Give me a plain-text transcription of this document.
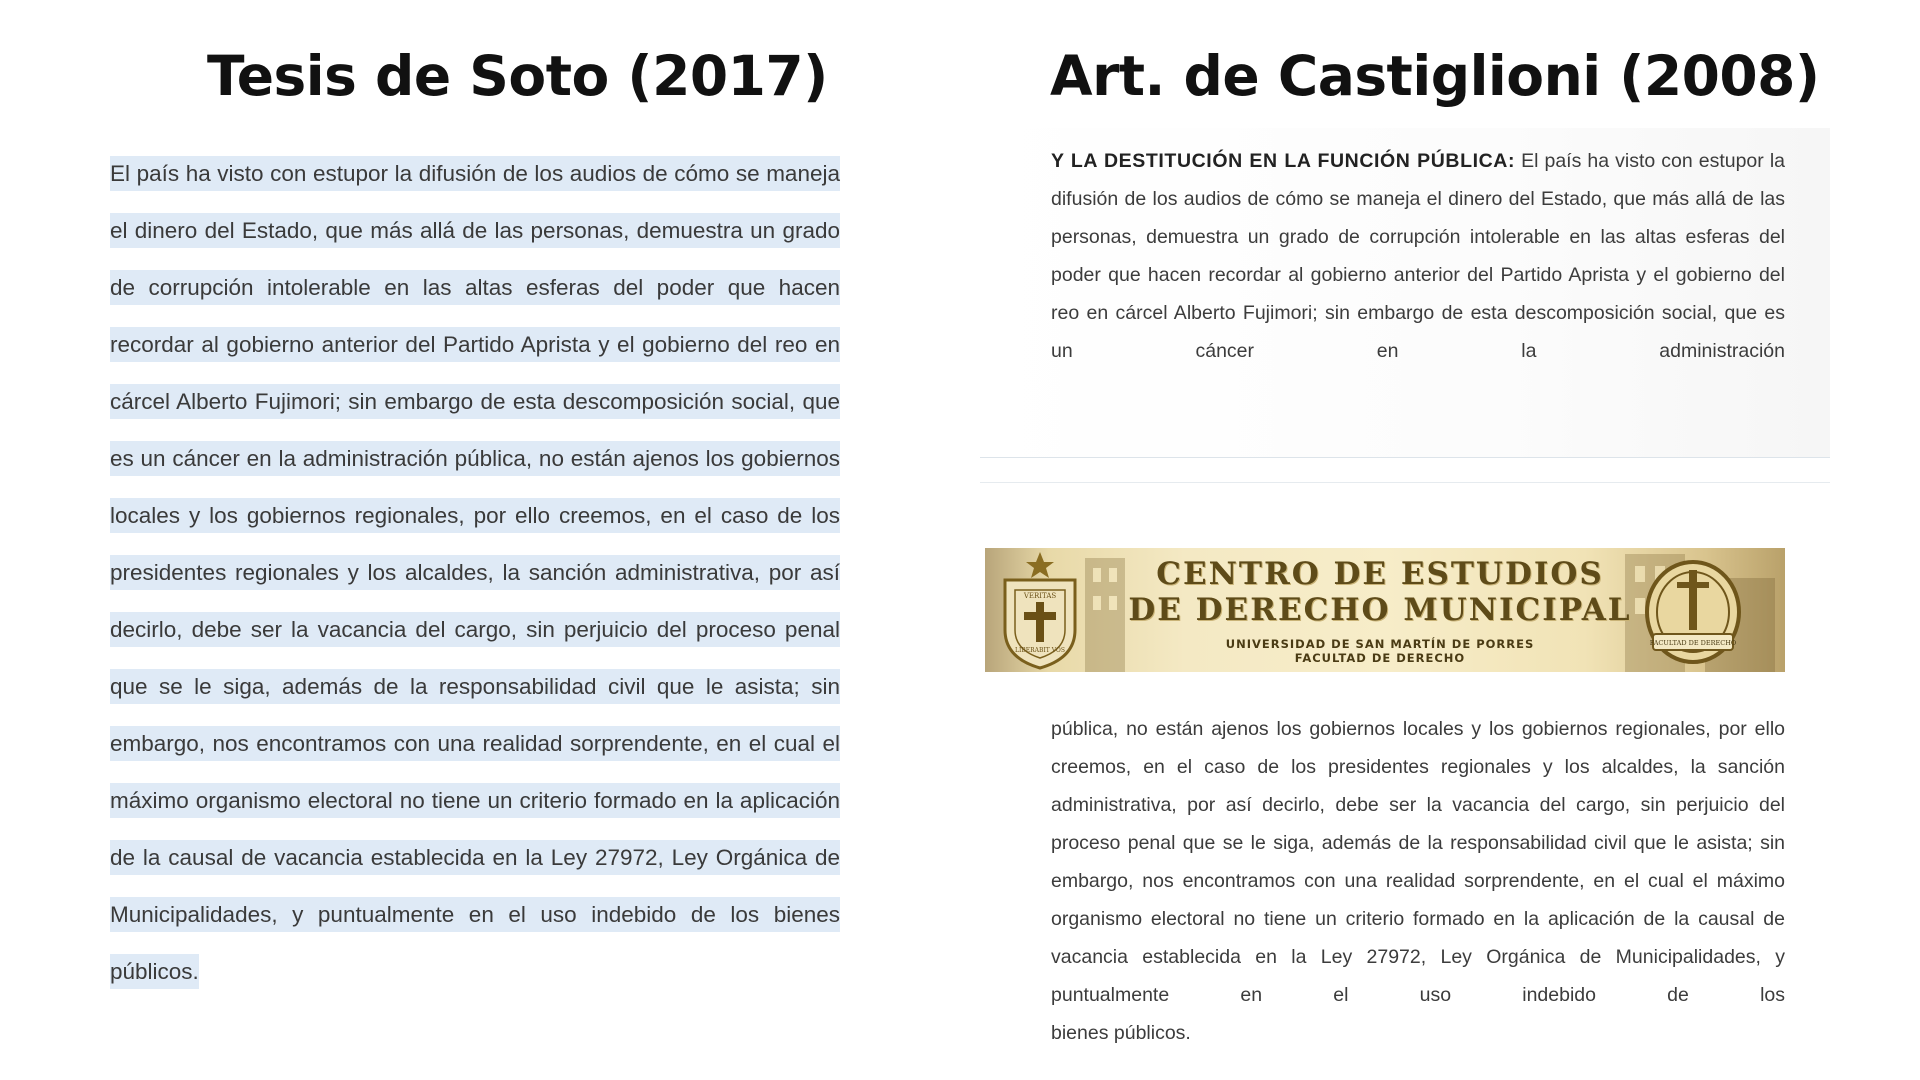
Tesis de Soto (2017)	Art. de Castiglioni (2008)
El país ha visto con estupor la difusión de los audios de cómo se maneja el dinero del Estado, que más allá de las personas, demuestra un grado de corrupción intolerable en las altas esferas del poder que hacen recordar al gobierno anterior del Partido Aprista y el gobierno del reo en cárcel Alberto Fujimori; sin embargo de esta descomposición social, que es un cáncer en la administración pública, no están ajenos los gobiernos locales y los gobiernos regionales, por ello creemos, en el caso de los presidentes regionales y los alcaldes, la sanción administrativa, por así decirlo, debe ser la vacancia del cargo, sin perjuicio del proceso penal que se le siga, además de la responsabilidad civil que le asista; sin embargo, nos encontramos con una realidad sorprendente, en el cual el máximo organismo electoral no tiene un criterio formado en la aplicación de la causal de vacancia establecida en la Ley 27972, Ley Orgánica de Municipalidades, y puntualmente en el uso indebido de los bienes públicos.
Y LA DESTITUCIÓN EN LA FUNCIÓN PÚBLICA: El país ha visto con estupor la difusión de los audios de cómo se maneja el dinero del Estado, que más allá de las personas, demuestra un grado de corrupción intolerable en las altas esferas del poder que hacen recordar al gobierno anterior del Partido Aprista y el gobierno del reo en cárcel Alberto Fujimori; sin embargo de esta descomposición social, que es un cáncer en la administración
VERITAS
LIBERABIT VOS
CENTRO DE ESTUDIOS
DE DERECHO MUNICIPAL
UNIVERSIDAD DE SAN MARTÍN DE PORRES
FACULTAD DE DERECHO
FACULTAD DE DERECHO
pública, no están ajenos los gobiernos locales y los gobiernos regionales, por ello creemos, en el caso de los presidentes regionales y los alcaldes, la sanción administrativa, por así decirlo, debe ser la vacancia del cargo, sin perjuicio del proceso penal que se le siga, además de la responsabilidad civil que le asista; sin embargo, nos encontramos con una realidad sorprendente, en el cual el máximo organismo electoral no tiene un criterio formado en la aplicación de la causal de vacancia establecida en la Ley 27972, Ley Orgánica de Municipalidades, y puntualmente en el uso indebido de los
bienes públicos.
